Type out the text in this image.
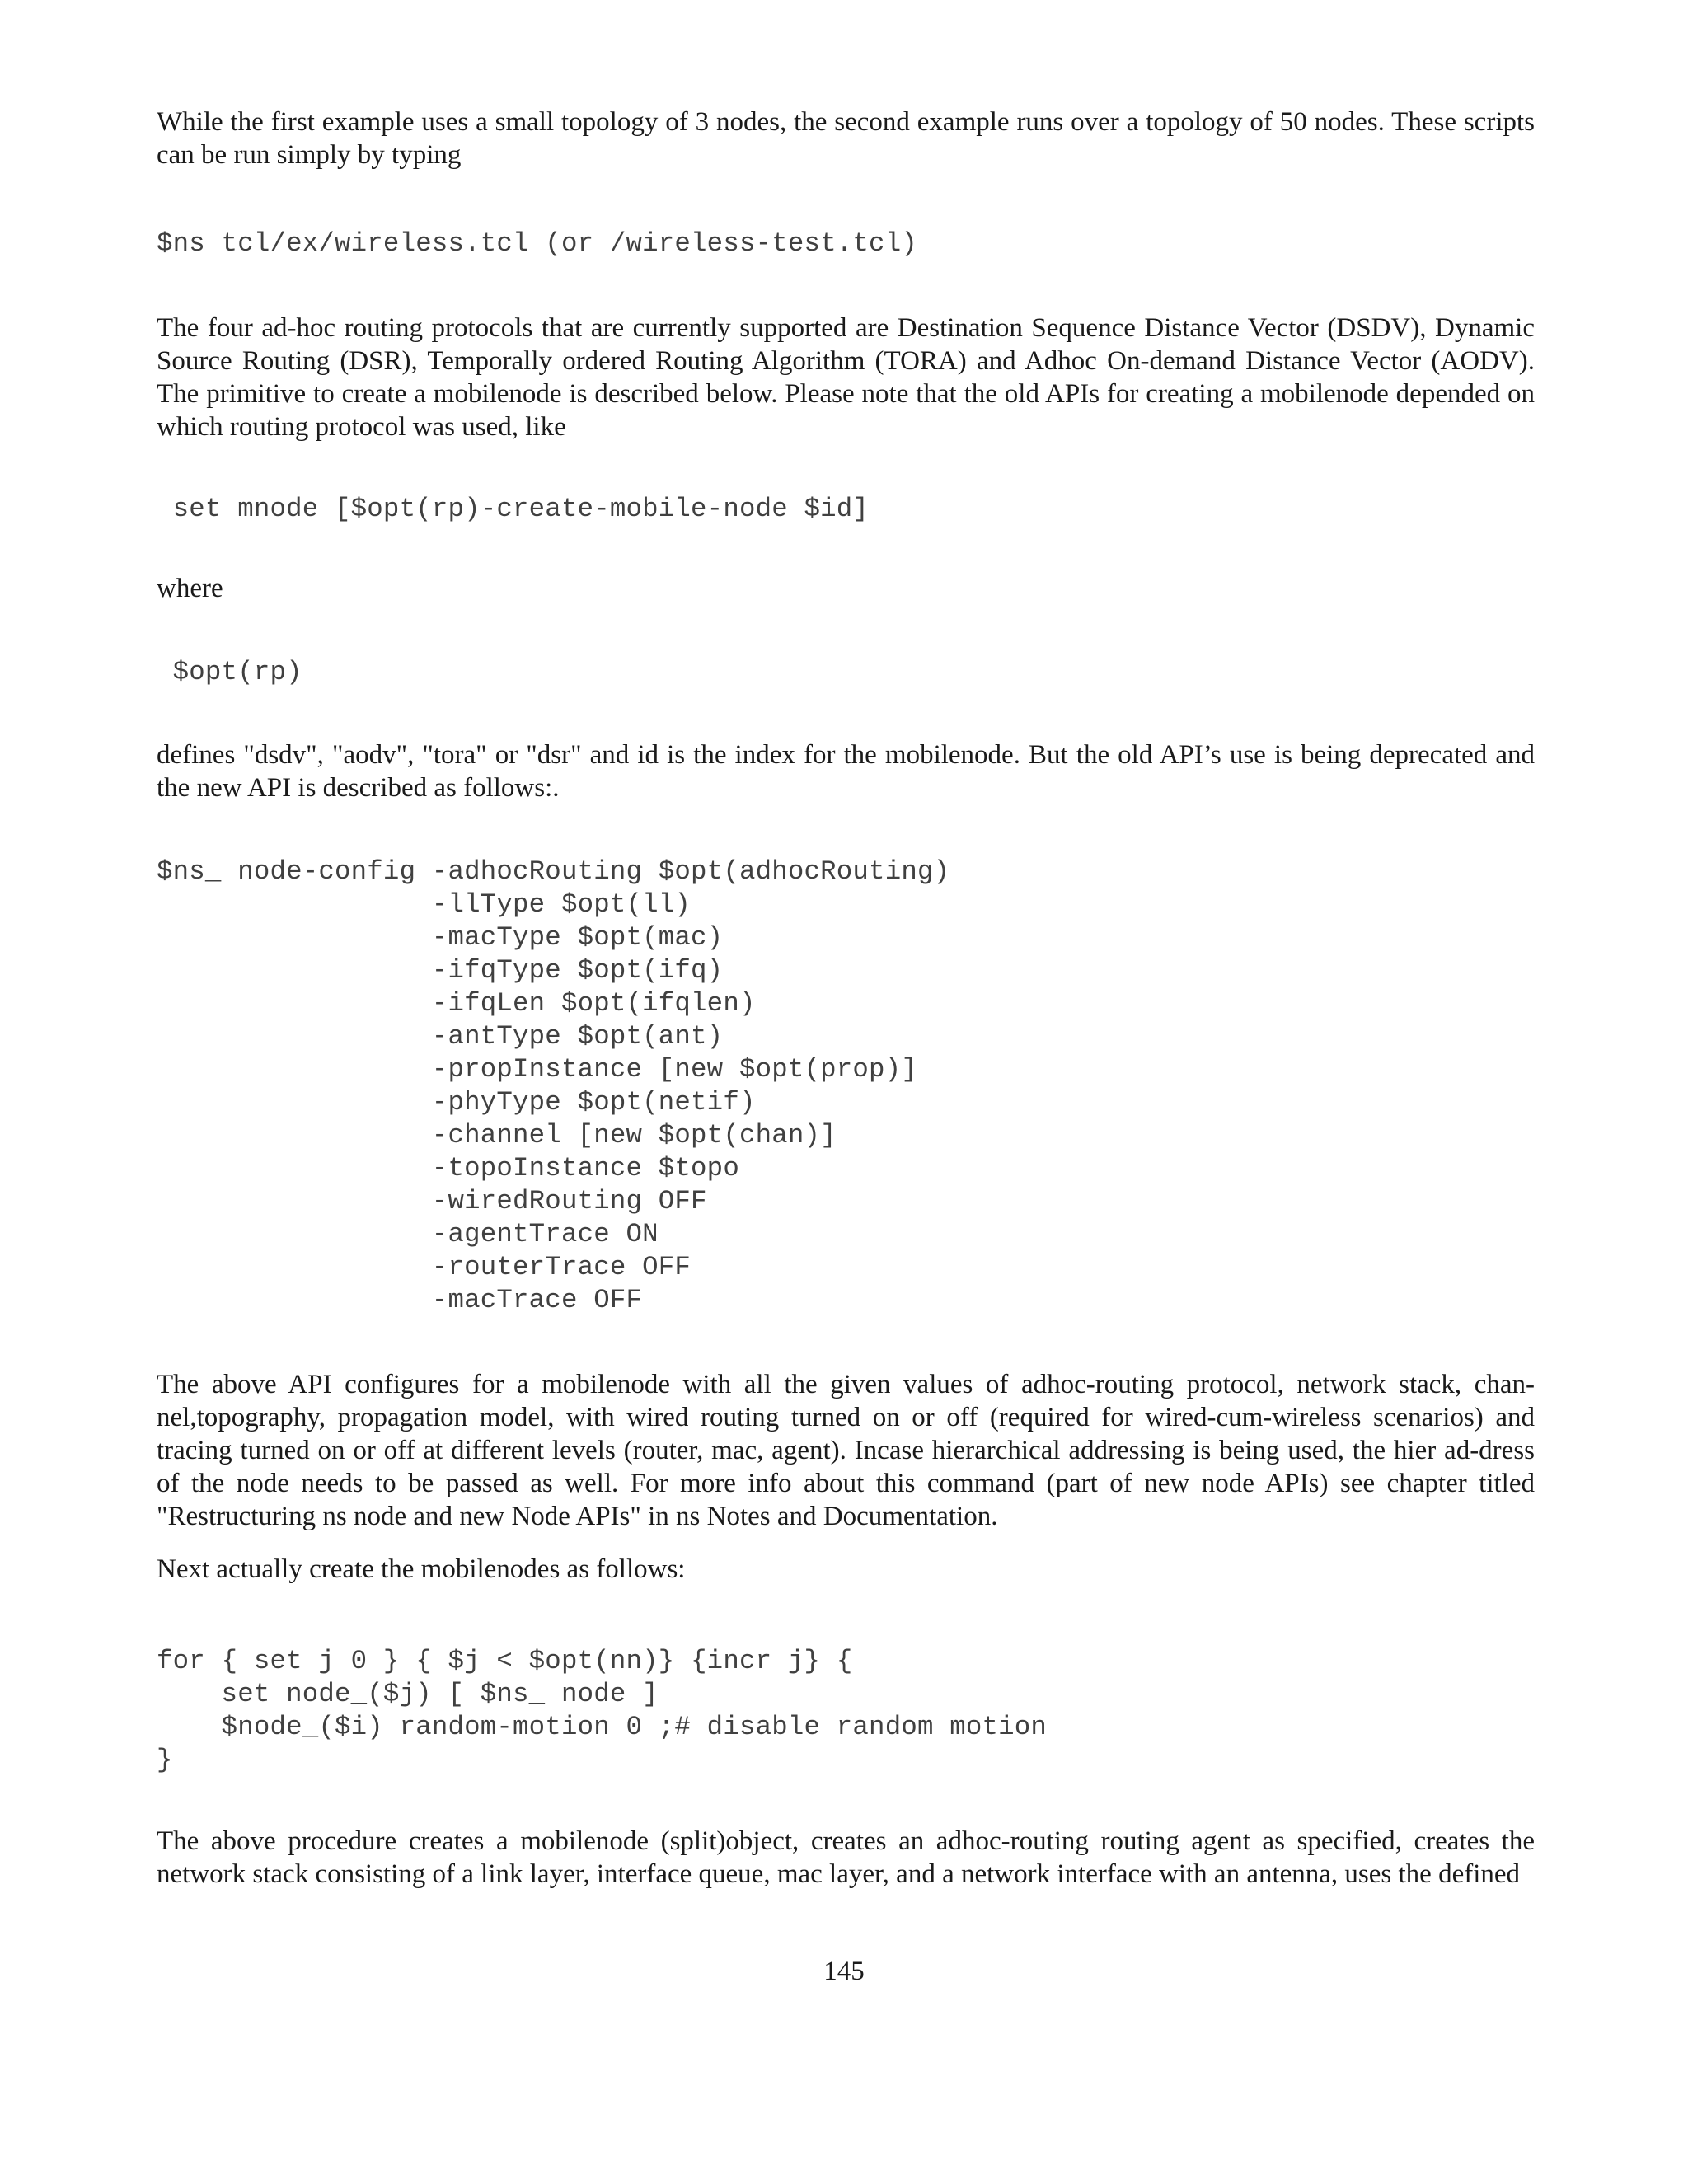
While the first example uses a small topology of 3 nodes, the second example runs over a topology of 50 nodes. These scripts can be run simply by typing

$ns tcl/ex/wireless.tcl (or /wireless-test.tcl)

The four ad-hoc routing protocols that are currently supported are Destination Sequence Distance Vector (DSDV), Dynamic Source Routing (DSR), Temporally ordered Routing Algorithm (TORA) and Adhoc On-demand Distance Vector (AODV). The primitive to create a mobilenode is described below. Please note that the old APIs for creating a mobilenode depended on which routing protocol was used, like

set mnode [$opt(rp)-create-mobile-node $id]

where

$opt(rp)

defines "dsdv", "aodv", "tora" or "dsr" and id is the index for the mobilenode. But the old API’s use is being deprecated and the new API is described as follows:.

$ns_ node-config -adhocRouting $opt(adhocRouting)
-llType $opt(ll)
-macType $opt(mac)
-ifqType $opt(ifq)
-ifqLen $opt(ifqlen)
-antType $opt(ant)
-propInstance [new $opt(prop)]
-phyType $opt(netif)
-channel [new $opt(chan)]
-topoInstance $topo
-wiredRouting OFF
-agentTrace ON
-routerTrace OFF
-macTrace OFF

The above API configures for a mobilenode with all the given values of adhoc-routing protocol, network stack, chan-nel,topography, propagation model, with wired routing turned on or off (required for wired-cum-wireless scenarios) and tracing turned on or off at different levels (router, mac, agent). Incase hierarchical addressing is being used, the hier ad-dress of the node needs to be passed as well. For more info about this command (part of new node APIs) see chapter titled "Restructuring ns node and new Node APIs" in ns Notes and Documentation.

Next actually create the mobilenodes as follows:

for { set j 0 } { $j < $opt(nn)} {incr j} {
set node_($j) [ $ns_ node ]
$node_($i) random-motion 0 ;# disable random motion
}

The above procedure creates a mobilenode (split)object, creates an adhoc-routing routing agent as specified, creates the network stack consisting of a link layer, interface queue, mac layer, and a network interface with an antenna, uses the defined

145
